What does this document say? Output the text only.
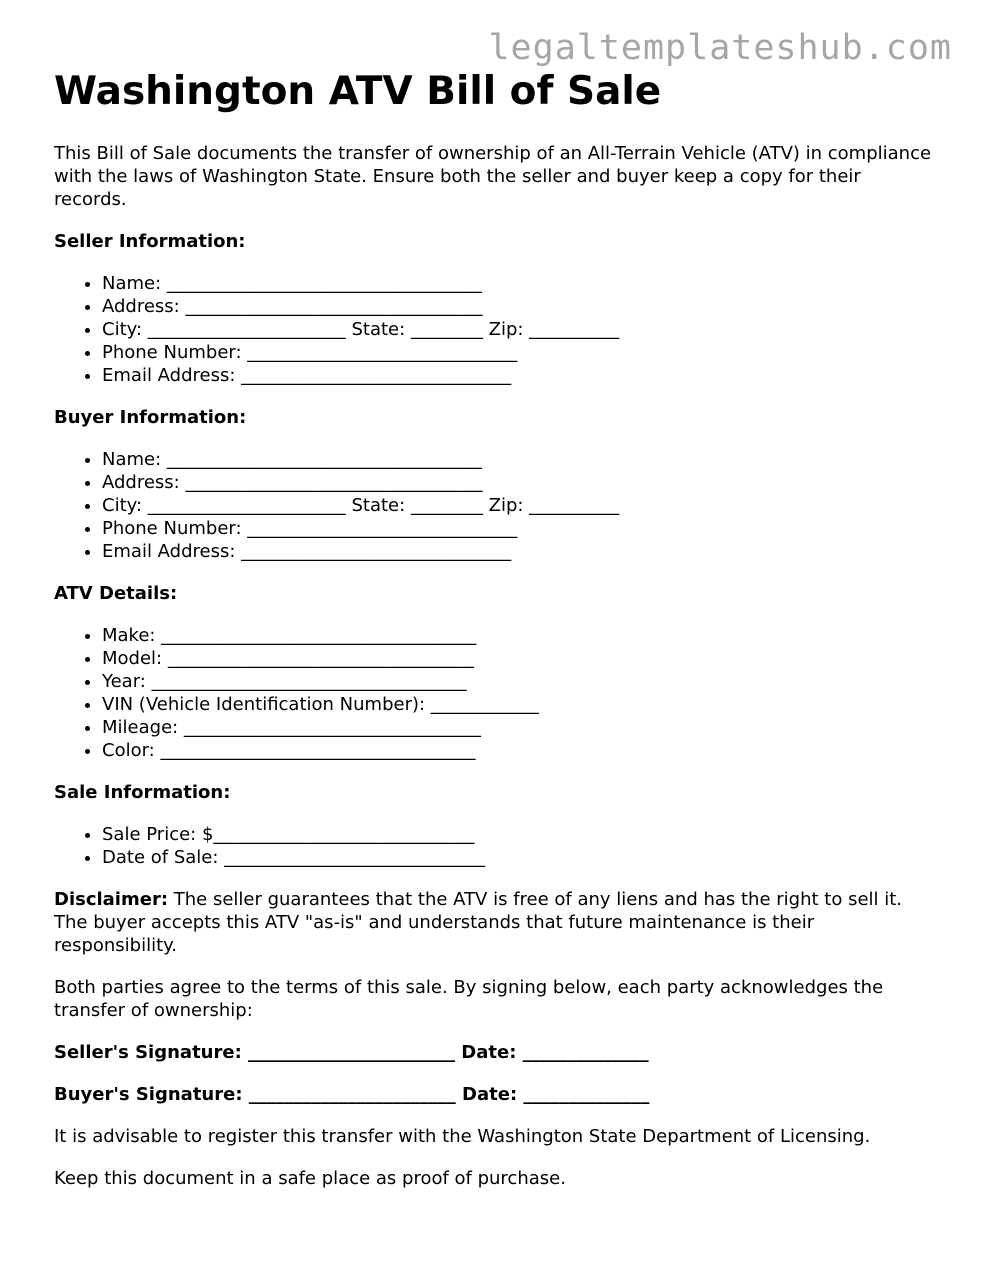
legaltemplateshub.com
Washington ATV Bill of Sale

This Bill of Sale documents the transfer of ownership of an All-Terrain Vehicle (ATV) in compliance with the laws of Washington State. Ensure both the seller and buyer keep a copy for their records.

Seller Information:
• Name: ___________________________________
• Address: _________________________________
• City: ______________________ State: ________ Zip: __________
• Phone Number: ______________________________
• Email Address: ______________________________
Buyer Information:
• Name: ___________________________________
• Address: _________________________________
• City: ______________________ State: ________ Zip: __________
• Phone Number: ______________________________
• Email Address: ______________________________
ATV Details:
• Make: ___________________________________
• Model: __________________________________
• Year: ___________________________________
• VIN (Vehicle Identification Number): ____________
• Mileage: _________________________________
• Color: ___________________________________
Sale Information:
• Sale Price: $_____________________________
• Date of Sale: _____________________________

Disclaimer: The seller guarantees that the ATV is free of any liens and has the right to sell it. The buyer accepts this ATV "as-is" and understands that future maintenance is their responsibility.

Both parties agree to the terms of this sale. By signing below, each party acknowledges the transfer of ownership:

Seller's Signature: _______________________ Date: ______________
Buyer's Signature: _______________________ Date: ______________

It is advisable to register this transfer with the Washington State Department of Licensing.

Keep this document in a safe place as proof of purchase.
